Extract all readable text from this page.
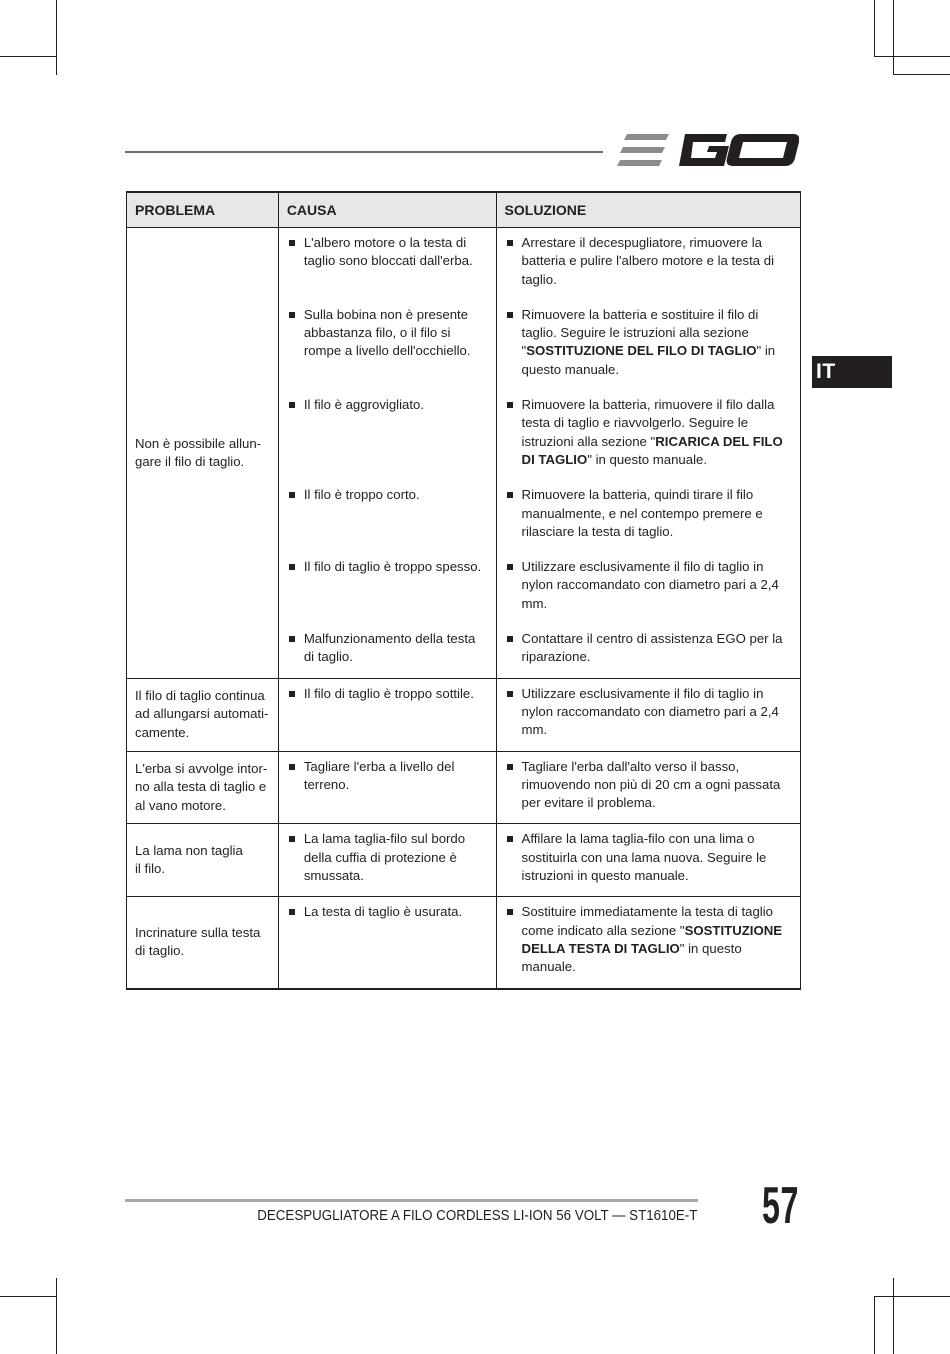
IT
PROBLEMA	CAUSA	SOLUZIONE

Non è possibile allun-
gare il filo di taglio.	L'albero motore o la testa di taglio sono bloccati dall'erba.	Arrestare il decespugliatore, rimuovere la batteria e pulire l'albero motore e la testa di taglio.

	Sulla bobina non è presente abbastanza filo, o il filo si rompe a livello dell'occhiello.	Rimuovere la batteria e sostituire il filo di taglio. Seguire le istruzioni alla sezione "SOSTITUZIONE DEL FILO DI TAGLIO" in questo manuale.

	Il filo è aggrovigliato.	Rimuovere la batteria, rimuovere il filo dalla testa di taglio e riavvolgerlo. Seguire le istruzioni alla sezione "RICARICA DEL FILO DI TAGLIO" in questo manuale.

	Il filo è troppo corto.	Rimuovere la batteria, quindi tirare il filo manualmente, e nel contempo premere e rilasciare la testa di taglio.

	Il filo di taglio è troppo spesso.	Utilizzare esclusivamente il filo di taglio in nylon raccomandato con diametro pari a 2,4 mm.

	Malfunzionamento della testa di taglio.	Contattare il centro di assistenza EGO per la riparazione.

Il filo di taglio continua
ad allungarsi automati-
camente.	Il filo di taglio è troppo sottile.	Utilizzare esclusivamente il filo di taglio in nylon raccomandato con diametro pari a 2,4 mm.

L'erba si avvolge intor-
no alla testa di taglio e
al vano motore.	Tagliare l'erba a livello del terreno.	Tagliare l'erba dall'alto verso il basso, rimuovendo non più di 20 cm a ogni passata per evitare il problema.

La lama non taglia
il filo.	La lama taglia-filo sul bordo della cuffia di protezione è smussata.	Affilare la lama taglia-filo con una lima o sostituirla con una lama nuova. Seguire le istruzioni in questo manuale.

Incrinature sulla testa
di taglio.	La testa di taglio è usurata.	Sostituire immediatamente la testa di taglio come indicato alla sezione "SOSTITUZIONE DELLA TESTA DI TAGLIO" in questo manuale.
DECESPUGLIATORE A FILO CORDLESS LI-ION 56 VOLT — ST1610E-T 57
